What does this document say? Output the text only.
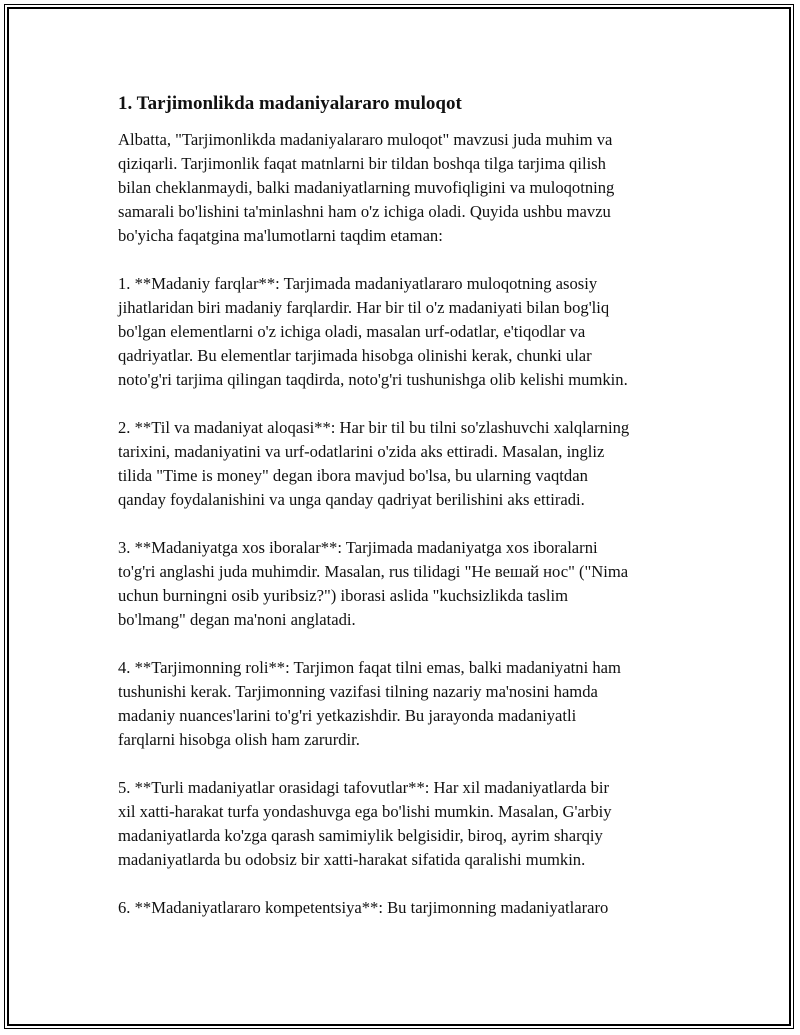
1. Tarjimonlikda madaniyalararo muloqot

Albatta, "Tarjimonlikda madaniyalararo muloqot" mavzusi juda muhim va
qiziqarli. Tarjimonlik faqat matnlarni bir tildan boshqa tilga tarjima qilish
bilan cheklanmaydi, balki madaniyatlarning muvofiqligini va muloqotning
samarali bo'lishini ta'minlashni ham o'z ichiga oladi. Quyida ushbu mavzu
bo'yicha faqatgina ma'lumotlarni taqdim etaman:

1. **Madaniy farqlar**: Tarjimada madaniyatlararo muloqotning asosiy
jihatlaridan biri madaniy farqlardir. Har bir til o'z madaniyati bilan bog'liq
bo'lgan elementlarni o'z ichiga oladi, masalan urf-odatlar, e'tiqodlar va
qadriyatlar. Bu elementlar tarjimada hisobga olinishi kerak, chunki ular
noto'g'ri tarjima qilingan taqdirda, noto'g'ri tushunishga olib kelishi mumkin.

2. **Til va madaniyat aloqasi**: Har bir til bu tilni so'zlashuvchi xalqlarning
tarixini, madaniyatini va urf-odatlarini o'zida aks ettiradi. Masalan, ingliz
tilida "Time is money" degan ibora mavjud bo'lsa, bu ularning vaqtdan
qanday foydalanishini va unga qanday qadriyat berilishini aks ettiradi.

3. **Madaniyatga xos iboralar**: Tarjimada madaniyatga xos iboralarni
to'g'ri anglashi juda muhimdir. Masalan, rus tilidagi "Не вешай нос" ("Nima
uchun burningni osib yuribsiz?") iborasi aslida "kuchsizlikda taslim
bo'lmang" degan ma'noni anglatadi.

4. **Tarjimonning roli**: Tarjimon faqat tilni emas, balki madaniyatni ham
tushunishi kerak. Tarjimonning vazifasi tilning nazariy ma'nosini hamda
madaniy nuances'larini to'g'ri yetkazishdir. Bu jarayonda madaniyatli
farqlarni hisobga olish ham zarurdir.

5. **Turli madaniyatlar orasidagi tafovutlar**: Har xil madaniyatlarda bir
xil xatti-harakat turfa yondashuvga ega bo'lishi mumkin. Masalan, G'arbiy
madaniyatlarda ko'zga qarash samimiylik belgisidir, biroq, ayrim sharqiy
madaniyatlarda bu odobsiz bir xatti-harakat sifatida qaralishi mumkin.

6. **Madaniyatlararo kompetentsiya**: Bu tarjimonning madaniyatlararo
